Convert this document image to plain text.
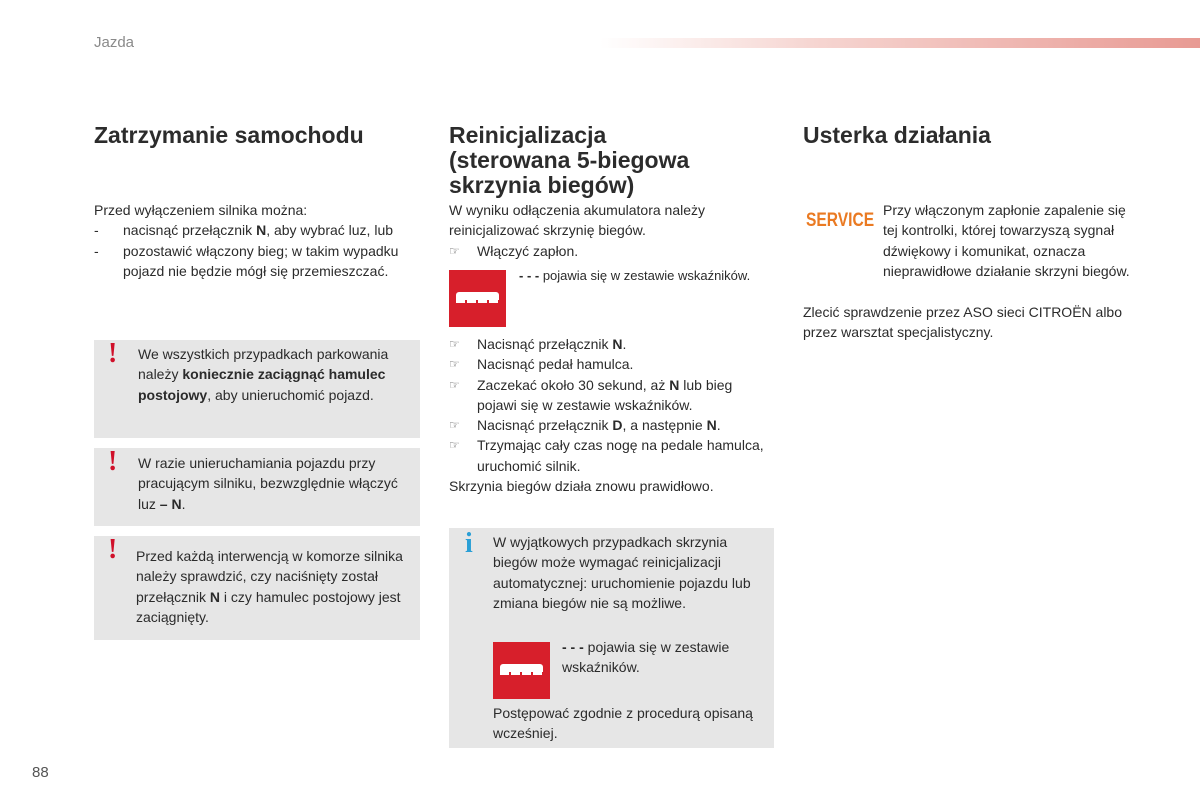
Jazda
88
Zatrzymanie samochodu

Przed wyłączeniem silnika można:

- nacisnąć przełącznik N, aby wybrać luz, lub

- pozostawić włączony bieg; w takim wypadku pojazd nie będzie mógł się przemieszczać.

! We wszystkich przypadkach parkowania należy koniecznie zaciągnąć hamulec postojowy, aby unieruchomić pojazd.
! W razie unieruchamiania pojazdu przy pracującym silniku, bezwzględnie włączyć luz – N.
! Przed każdą interwencją w komorze silnika należy sprawdzić, czy naciśnięty został przełącznik N i czy hamulec postojowy jest zaciągnięty.
Reinicjalizacja
(sterowana 5-biegowa
skrzynia biegów)

W wyniku odłączenia akumulatora należy reinicjalizować skrzynię biegów.

☞ Włączyć zapłon.

- - - pojawia się w zestawie wskaźników.

☞ Nacisnąć przełącznik N.

☞ Nacisnąć pedał hamulca.

☞ Zaczekać około 30 sekund, aż N lub bieg pojawi się w zestawie wskaźników.

☞ Nacisnąć przełącznik D, a następnie N.

☞ Trzymając cały czas nogę na pedale hamulca, uruchomić silnik.

Skrzynia biegów działa znowu prawidłowo.

i W wyjątkowych przypadkach skrzynia biegów może wymagać reinicjalizacji automatycznej: uruchomienie pojazdu lub zmiana biegów nie są możliwe.
- - - pojawia się w zestawie wskaźników.
Postępować zgodnie z procedurą opisaną wcześniej.
Usterka działania
SERVICE Przy włączonym zapłonie zapalenie się tej kontrolki, której towarzyszą sygnał dźwiękowy i komunikat, oznacza nieprawidłowe działanie skrzyni biegów.
Zlecić sprawdzenie przez ASO sieci CITROËN albo przez warsztat specjalistyczny.
